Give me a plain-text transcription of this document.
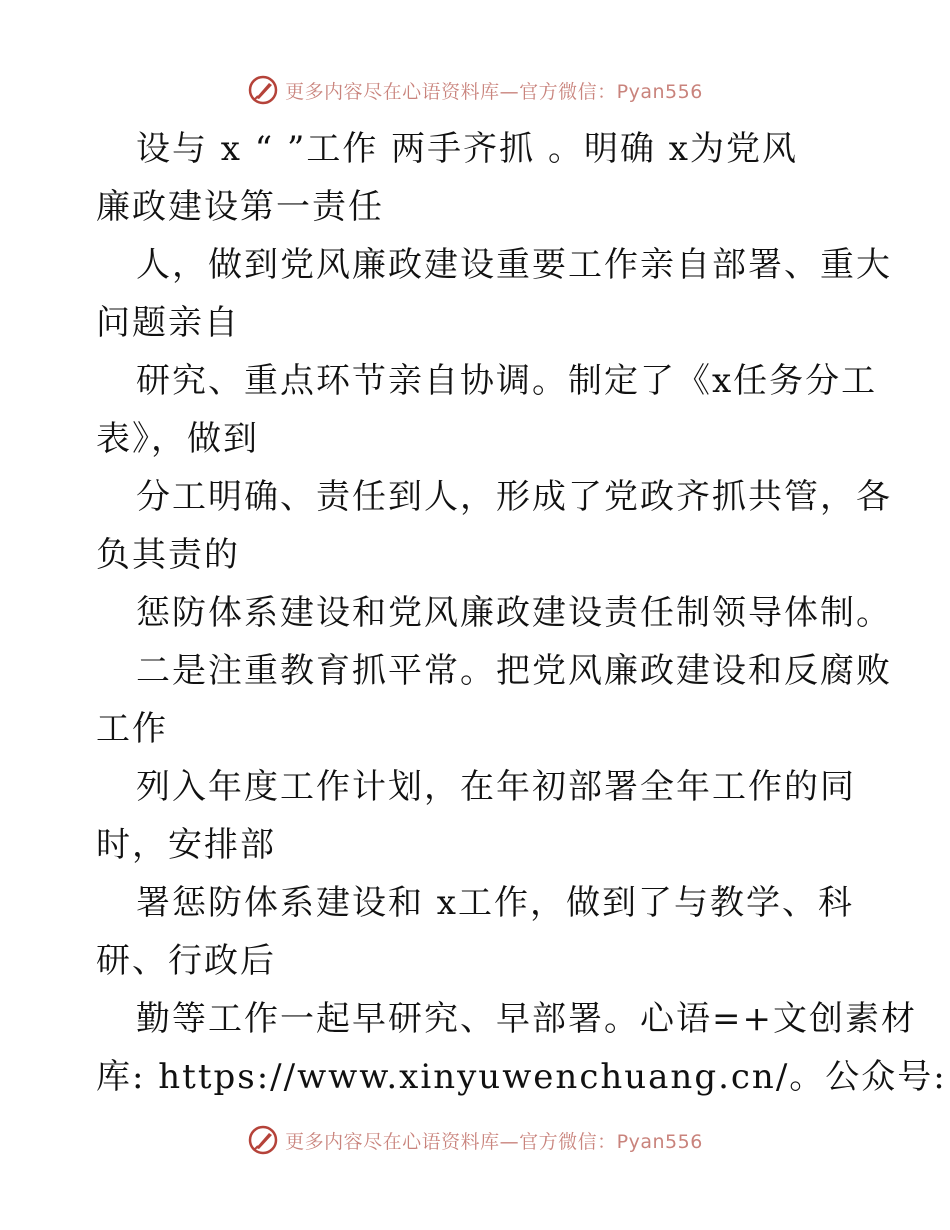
更多内容尽在心语资料库—官方微信：Pyan556
设与 x “ ”工作 两手齐抓 。明确 x为党风
廉政建设第一责任
人，做到党风廉政建设重要工作亲自部署、重大
问题亲自
研究、重点环节亲自协调。制定了《x任务分工
表》，做到
分工明确、责任到人，形成了党政齐抓共管，各
负其责的
惩防体系建设和党风廉政建设责任制领导体制。
二是注重教育抓平常。把党风廉政建设和反腐败
工作
列入年度工作计划，在年初部署全年工作的同
时，安排部
署惩防体系建设和 x工作，做到了与教学、科
研、行政后
勤等工作一起早研究、早部署。心语=+文创素材
库: https://www.xinyuwenchuang.cn/。公众号:
更多内容尽在心语资料库—官方微信：Pyan556
